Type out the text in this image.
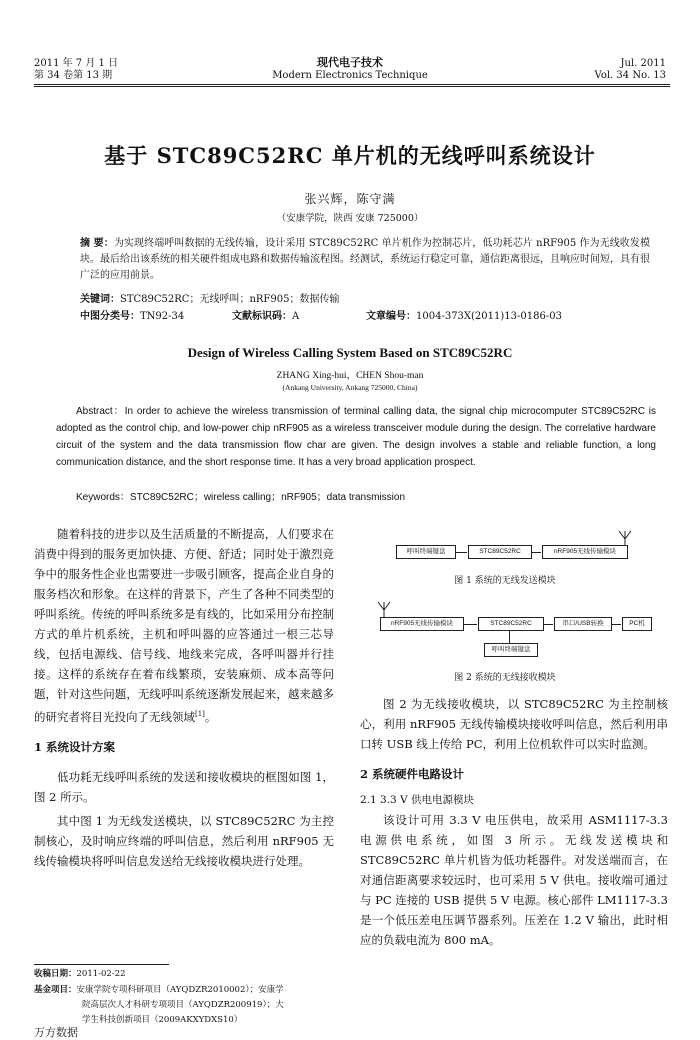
2011 年 7 月 1 日
第 34 卷第 13 期
现代电子技术
Modern Electronics Technique
Jul. 2011
Vol. 34 No. 13
基于 STC89C52RC 单片机的无线呼叫系统设计
张兴辉，陈守满
（安康学院，陕西 安康 725000）
摘 要：为实现终端呼叫数据的无线传输，设计采用 STC89C52RC 单片机作为控制芯片，低功耗芯片 nRF905 作为无线收发模块。最后给出该系统的相关硬件组成电路和数据传输流程图。经测试，系统运行稳定可靠，通信距离很远，且响应时间短，具有很广泛的应用前景。
关键词：STC89C52RC；无线呼叫；nRF905；数据传输
中图分类号：TN92-34	文献标识码：A	文章编号：1004-373X(2011)13-0186-03
Design of Wireless Calling System Based on STC89C52RC
ZHANG Xing-hui，CHEN Shou-man
(Ankang University, Ankang 725000, China)
Abstract：In order to achieve the wireless transmission of terminal calling data, the signal chip microcomputer STC89C52RC is adopted as the control chip, and low-power chip nRF905 as a wireless transceiver module during the design. The correlative hardware circuit of the system and the data transmission flow char are given. The design involves a stable and reliable function, a long communication distance, and the short response time. It has a very broad application prospect.
Keywords：STC89C52RC；wireless calling；nRF905；data transmission

随着科技的进步以及生活质量的不断提高，人们要求在消费中得到的服务更加快捷、方便、舒适；同时处于激烈竞争中的服务性企业也需要进一步吸引顾客，提高企业自身的服务档次和形象。在这样的背景下，产生了各种不同类型的呼叫系统。传统的呼叫系统多是有线的，比如采用分布控制方式的单片机系统，主机和呼叫器的应答通过一根三芯导线，包括电源线、信号线、地线来完成，各呼叫器并行挂接。这样的系统存在着布线繁琐，安装麻烦、成本高等问题，针对这些问题，无线呼叫系统逐渐发展起来，越来越多的研究者将目光投向了无线领域[1]。

1 系统设计方案

低功耗无线呼叫系统的发送和接收模块的框图如图 1，图 2 所示。

其中图 1 为无线发送模块，以 STC89C52RC 为主控制核心，及时响应终端的呼叫信息，然后利用 nRF905 无线传输模块将呼叫信息发送给无线接收模块进行处理。

收稿日期：2011-02-22
基金项目：安康学院专项科研项目（AYQDZR2010002）；安康学
院高层次人才科研专项项目（AYQDZR200919）；大
学生科技创新项目（2009AKXYDXS10）
万方数据
呼叫终端键盘	STC89C52RC	nRF905无线传输模块
图 1 系统的无线发送模块
nRF905无线传输模块	STC89C52RC	串口/USB转换	PC机
呼叫终端键盘
图 2 系统的无线接收模块

图 2 为无线接收模块，以 STC89C52RC 为主控制核心，利用 nRF905 无线传输模块接收呼叫信息，然后利用串口转 USB 线上传给 PC，利用上位机软件可以实时监测。

2 系统硬件电路设计
2.1 3.3 V 供电电源模块

该设计可用 3.3 V 电压供电，故采用 ASM1117-3.3 电源供电系统，如图 3 所示。无线发送模块和 STC89C52RC 单片机皆为低功耗器件。对发送端而言，在对通信距离要求较远时，也可采用 5 V 供电。接收端可通过与 PC 连接的 USB 提供 5 V 电源。核心部件 LM1117-3.3 是一个低压差电压调节器系列。压差在 1.2 V 输出，此时相应的负载电流为 800 mA。
